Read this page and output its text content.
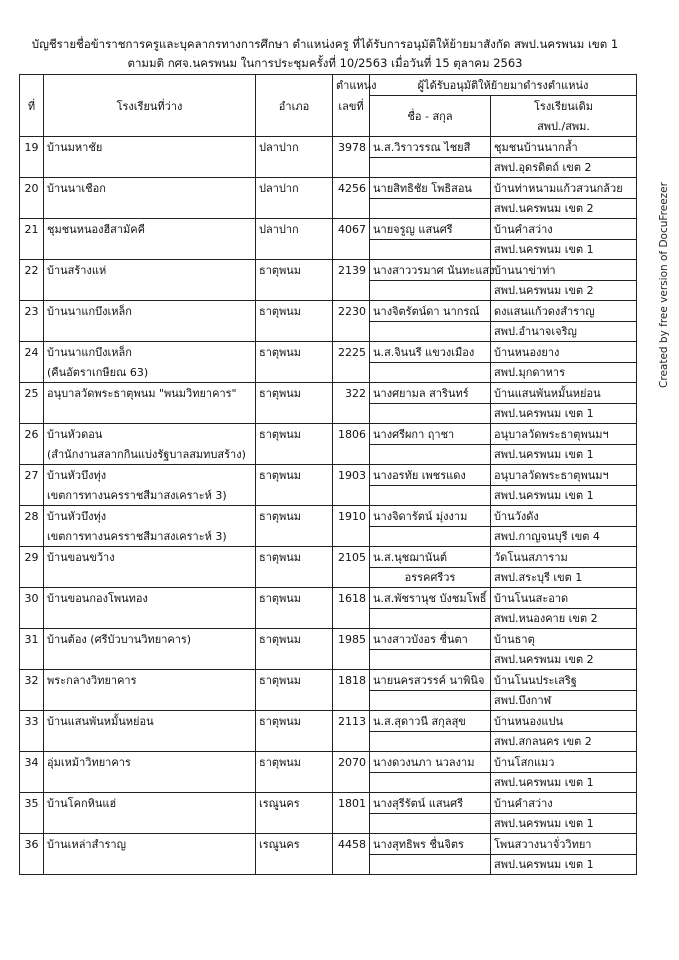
บัญชีรายชื่อข้าราชการครูและบุคลากรทางการศึกษา ตำแหน่งครู ที่ได้รับการอนุมัติให้ย้ายมาสังกัด สพป.นครพนม เขต 1
ตามมติ กศจ.นครพนม ในการประชุมครั้งที่ 10/2563 เมื่อวันที่ 15 ตุลาคม 2563
ที่	โรงเรียนที่ว่าง	อำเภอ	ตำแหน่ง	ผู้ได้รับอนุมัติให้ย้ายมาดำรงตำแหน่ง	
			เลขที่	ชื่อ - สกุล	โรงเรียนเดิม
					สพป./สพม.
19	บ้านมหาชัย	ปลาปาก	3978	น.ส.วิราวรรณ ไชยสี	ชุมชนบ้านนากล้ำ
					สพป.อุดรดิตถ์ เขต 2
20	บ้านนาเชือก	ปลาปาก	4256	นายสิทธิชัย โพธิสอน	บ้านท่าหนามแก้วสวนกล้วย
					สพป.นครพนม เขต 2
21	ชุมชนหนองฮีสามัคคี	ปลาปาก	4067	นายจรูญ แสนศรี	บ้านคำสว่าง
					สพป.นครพนม เขต 1
22	บ้านสร้างแห่	ธาตุพนม	2139	นางสาววรมาศ นันทะแสง	บ้านนาข่าท่า
					สพป.นครพนม เขต 2
23	บ้านนาแกบึงเหล็ก	ธาตุพนม	2230	นางจิตรัตน์ดา นากรณ์	ดงแสนแก้วดงสำราญ
					สพป.อำนาจเจริญ
24	บ้านนาแกบึงเหล็ก	ธาตุพนม	2225	น.ส.จินนรี แขวงเมือง	บ้านหนองยาง
	(คืนอัตราเกษียณ 63)				สพป.มุกดาหาร
25	อนุบาลวัดพระธาตุพนม "พนมวิทยาคาร"	ธาตุพนม	322	นางศยามล สารินทร์	บ้านแสนพันหมั้นหย่อน
					สพป.นครพนม เขต 1
26	บ้านหัวดอน	ธาตุพนม	1806	นางศรีผกา ฤาชา	อนุบาลวัดพระธาตุพนมฯ
	(สำนักงานสลากกินแบ่งรัฐบาลสมทบสร้าง)				สพป.นครพนม เขต 1
27	บ้านหัวบึงทุ่ง	ธาตุพนม	1903	นางอรทัย เพชรแดง	อนุบาลวัดพระธาตุพนมฯ
	เขตการทางนครราชสีมาสงเคราะห์ 3)				สพป.นครพนม เขต 1
28	บ้านหัวบึงทุ่ง	ธาตุพนม	1910	นางจิดารัตน์ มุ่งงาม	บ้านวังดัง
	เขตการทางนครราชสีมาสงเคราะห์ 3)				สพป.กาญจนบุรี เขต 4
29	บ้านขอนขว้าง	ธาตุพนม	2105	น.ส.นุชฌานันต์	วัดโนนสภาราม
				อรรคศรีวร	สพป.สระบุรี เขต 1
30	บ้านขอนกองโพนทอง	ธาตุพนม	1618	น.ส.พัชรานุช บังชมโพธิ์	บ้านโนนสะอาด
					สพป.หนองคาย เขต 2
31	บ้านต้อง (ศรีบัวบานวิทยาคาร)	ธาตุพนม	1985	นางสาวบังอร ชื่นตา	บ้านธาตุ
					สพป.นครพนม เขต 2
32	พระกลางวิทยาคาร	ธาตุพนม	1818	นายนครสวรรค์ นาพินิจ	บ้านโนนประเสริฐ
					สพป.บึงกาฬ
33	บ้านแสนพันหมั้นหย่อน	ธาตุพนม	2113	น.ส.สุดาวนี สกุลสุข	บ้านหนองแปน
					สพป.สกลนคร เขต 2
34	อุ่มเหม้าวิทยาคาร	ธาตุพนม	2070	นางดวงนภา นวลงาม	บ้านโสกแมว
					สพป.นครพนม เขต 1
35	บ้านโคกหินแฮ่	เรณูนคร	1801	นางสุรีรัตน์ แสนศรี	บ้านคำสว่าง
					สพป.นครพนม เขต 1
36	บ้านเหล่าสำราญ	เรณูนคร	4458	นางสุทธิพร ชื่นจิตร	โพนสวางนาจั่ววิทยา
					สพป.นครพนม เขต 1
Created by free version of DocuFreezer
